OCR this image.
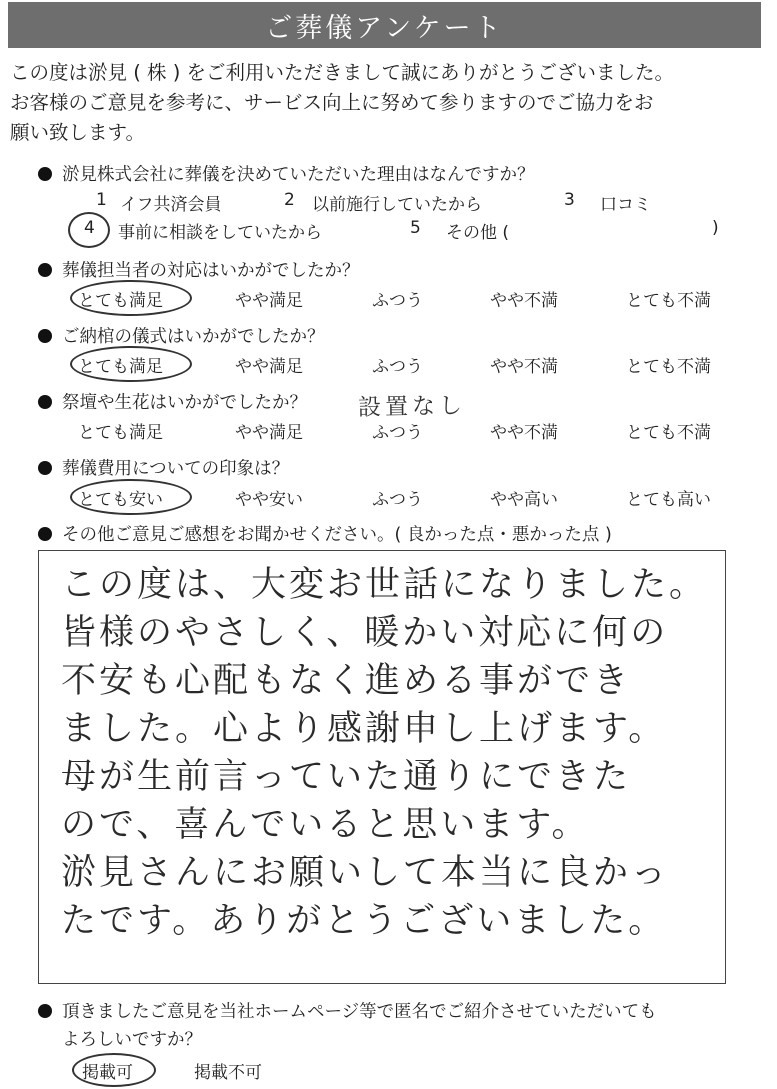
ご葬儀アンケート
この度は淤見 ( 株 ) をご利用いただきまして誠にありがとうございました。
お客様のご意見を参考に、サービス向上に努めて参りますのでご協力をお
願い致します。
淤見株式会社に葬儀を決めていただいた理由はなんですか？
1 イフ共済会員	2 以前施行していたから	3 口コミ
4 事前に相談をしていたから	5 その他 (	)
葬儀担当者の対応はいかがでしたか？
とても満足	やや満足	ふつう	やや不満	とても不満
ご納棺の儀式はいかがでしたか？
とても満足	やや満足	ふつう	やや不満	とても不満
祭壇や生花はいかがでしたか？ 設置なし
とても満足	やや満足	ふつう	やや不満	とても不満
葬儀費用についての印象は？
とても安い	やや安い	ふつう	やや高い	とても高い
その他ご意見ご感想をお聞かせください。( 良かった点・悪かった点 )
この度は、大変お世話になりました。
皆様のやさしく、暖かい対応に何の
不安も心配もなく進める事ができ
ました。心より感謝申し上げます。
母が生前言っていた通りにできた
ので、喜んでいると思います。
淤見さんにお願いして本当に良かっ
たです。ありがとうございました。
頂きましたご意見を当社ホームページ等で匿名でご紹介させていただいても
よろしいですか？
掲載可	掲載不可
